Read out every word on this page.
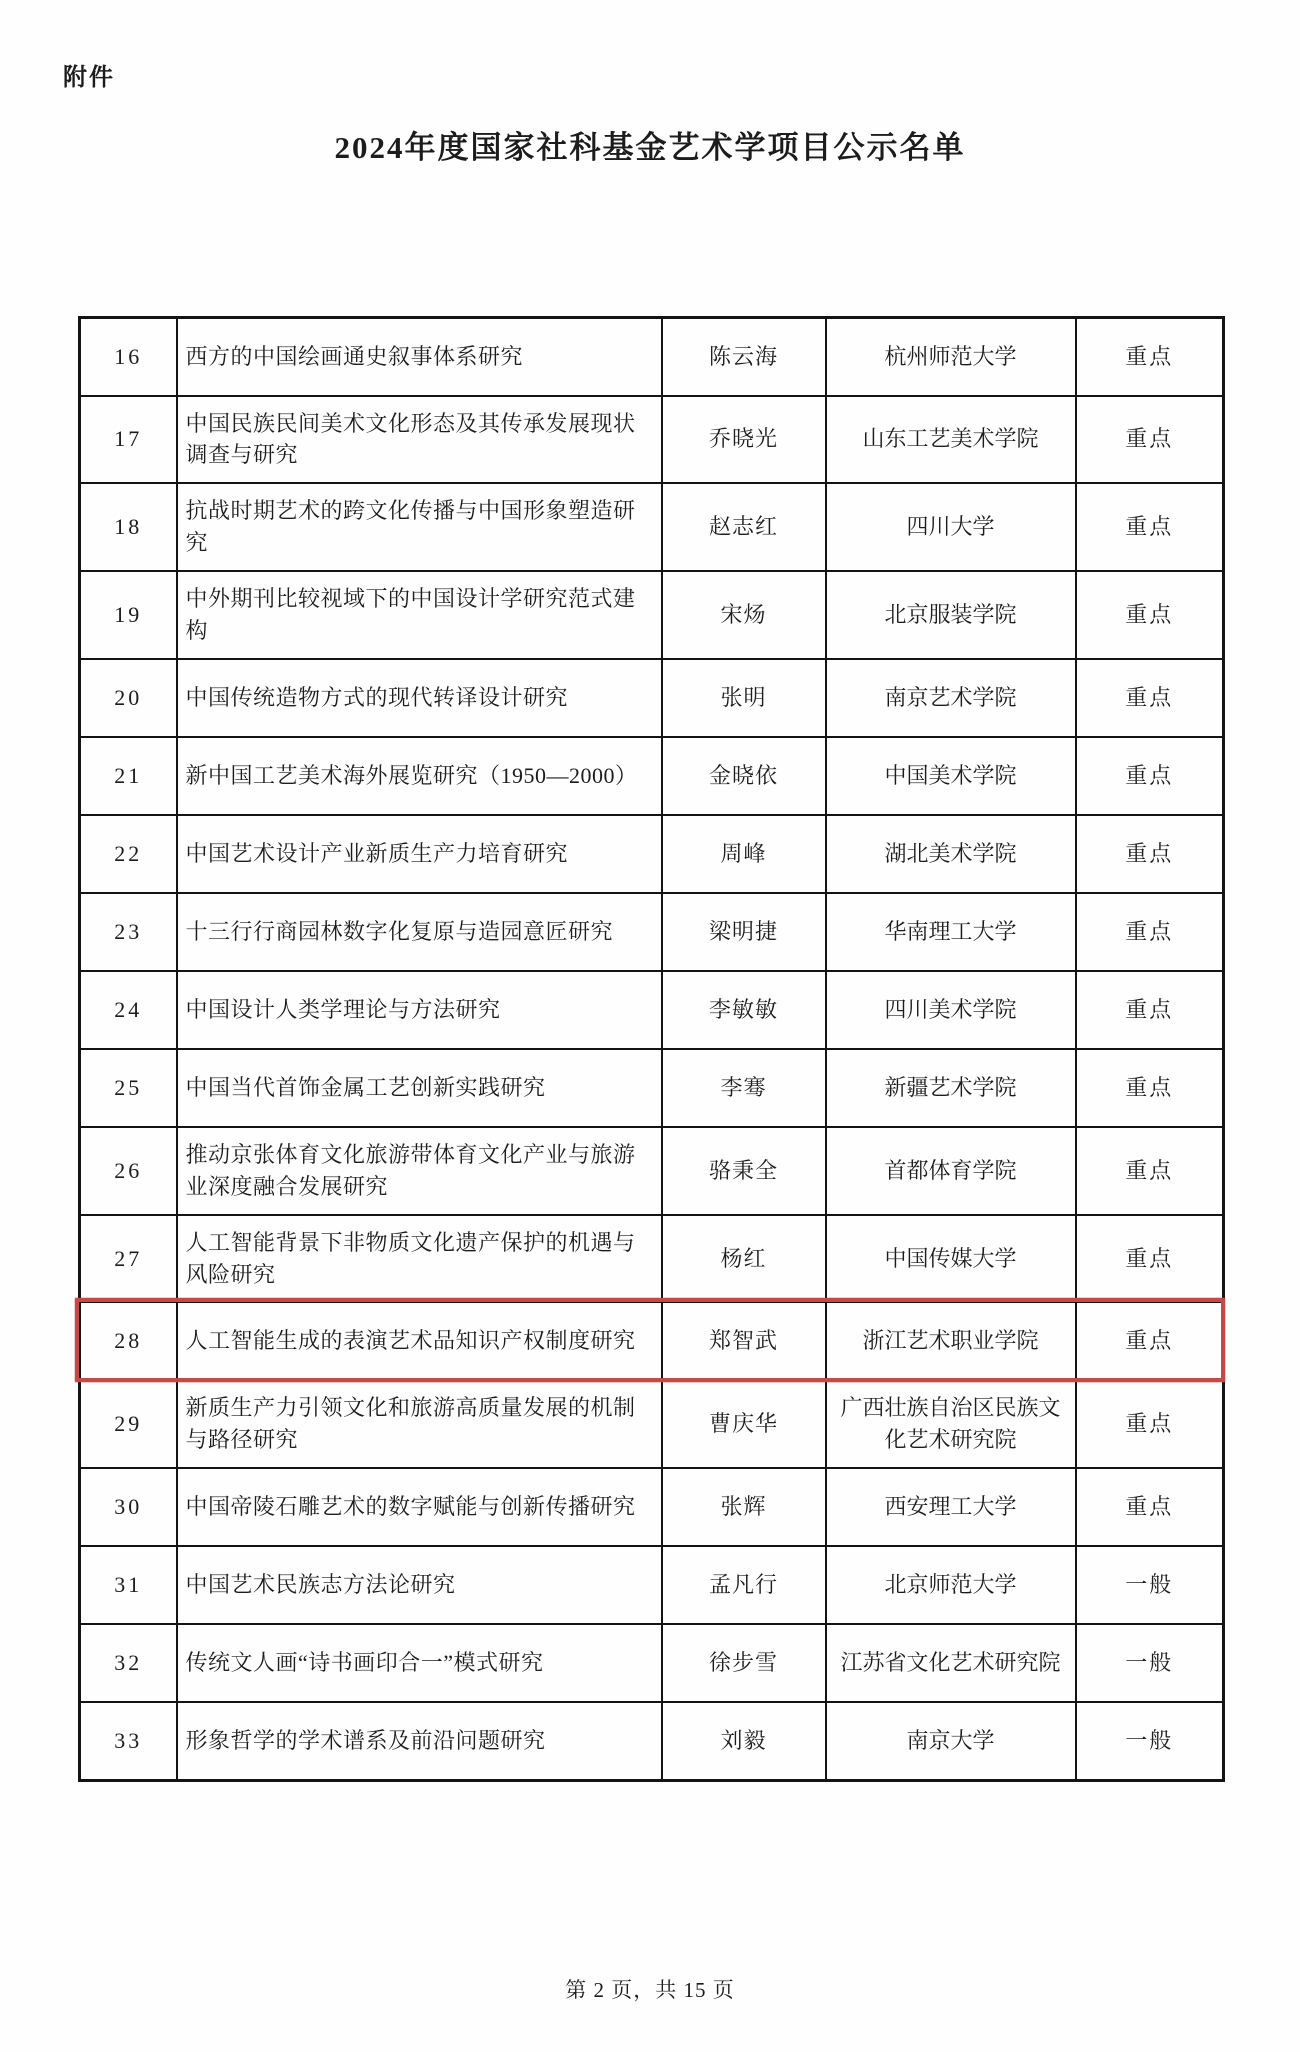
附件
2024年度国家社科基金艺术学项目公示名单
16	西方的中国绘画通史叙事体系研究	陈云海	杭州师范大学	重点
17	中国民族民间美术文化形态及其传承发展现状调查与研究	乔晓光	山东工艺美术学院	重点
18	抗战时期艺术的跨文化传播与中国形象塑造研究	赵志红	四川大学	重点
19	中外期刊比较视域下的中国设计学研究范式建构	宋炀	北京服装学院	重点
20	中国传统造物方式的现代转译设计研究	张明	南京艺术学院	重点
21	新中国工艺美术海外展览研究（1950—2000）	金晓依	中国美术学院	重点
22	中国艺术设计产业新质生产力培育研究	周峰	湖北美术学院	重点
23	十三行行商园林数字化复原与造园意匠研究	梁明捷	华南理工大学	重点
24	中国设计人类学理论与方法研究	李敏敏	四川美术学院	重点
25	中国当代首饰金属工艺创新实践研究	李骞	新疆艺术学院	重点
26	推动京张体育文化旅游带体育文化产业与旅游业深度融合发展研究	骆秉全	首都体育学院	重点
27	人工智能背景下非物质文化遗产保护的机遇与风险研究	杨红	中国传媒大学	重点
28	人工智能生成的表演艺术品知识产权制度研究	郑智武	浙江艺术职业学院	重点
29	新质生产力引领文化和旅游高质量发展的机制与路径研究	曹庆华	广西壮族自治区民族文化艺术研究院	重点
30	中国帝陵石雕艺术的数字赋能与创新传播研究	张辉	西安理工大学	重点
31	中国艺术民族志方法论研究	孟凡行	北京师范大学	一般
32	传统文人画“诗书画印合一”模式研究	徐步雪	江苏省文化艺术研究院	一般
33	形象哲学的学术谱系及前沿问题研究	刘毅	南京大学	一般
第 2 页，共 15 页
